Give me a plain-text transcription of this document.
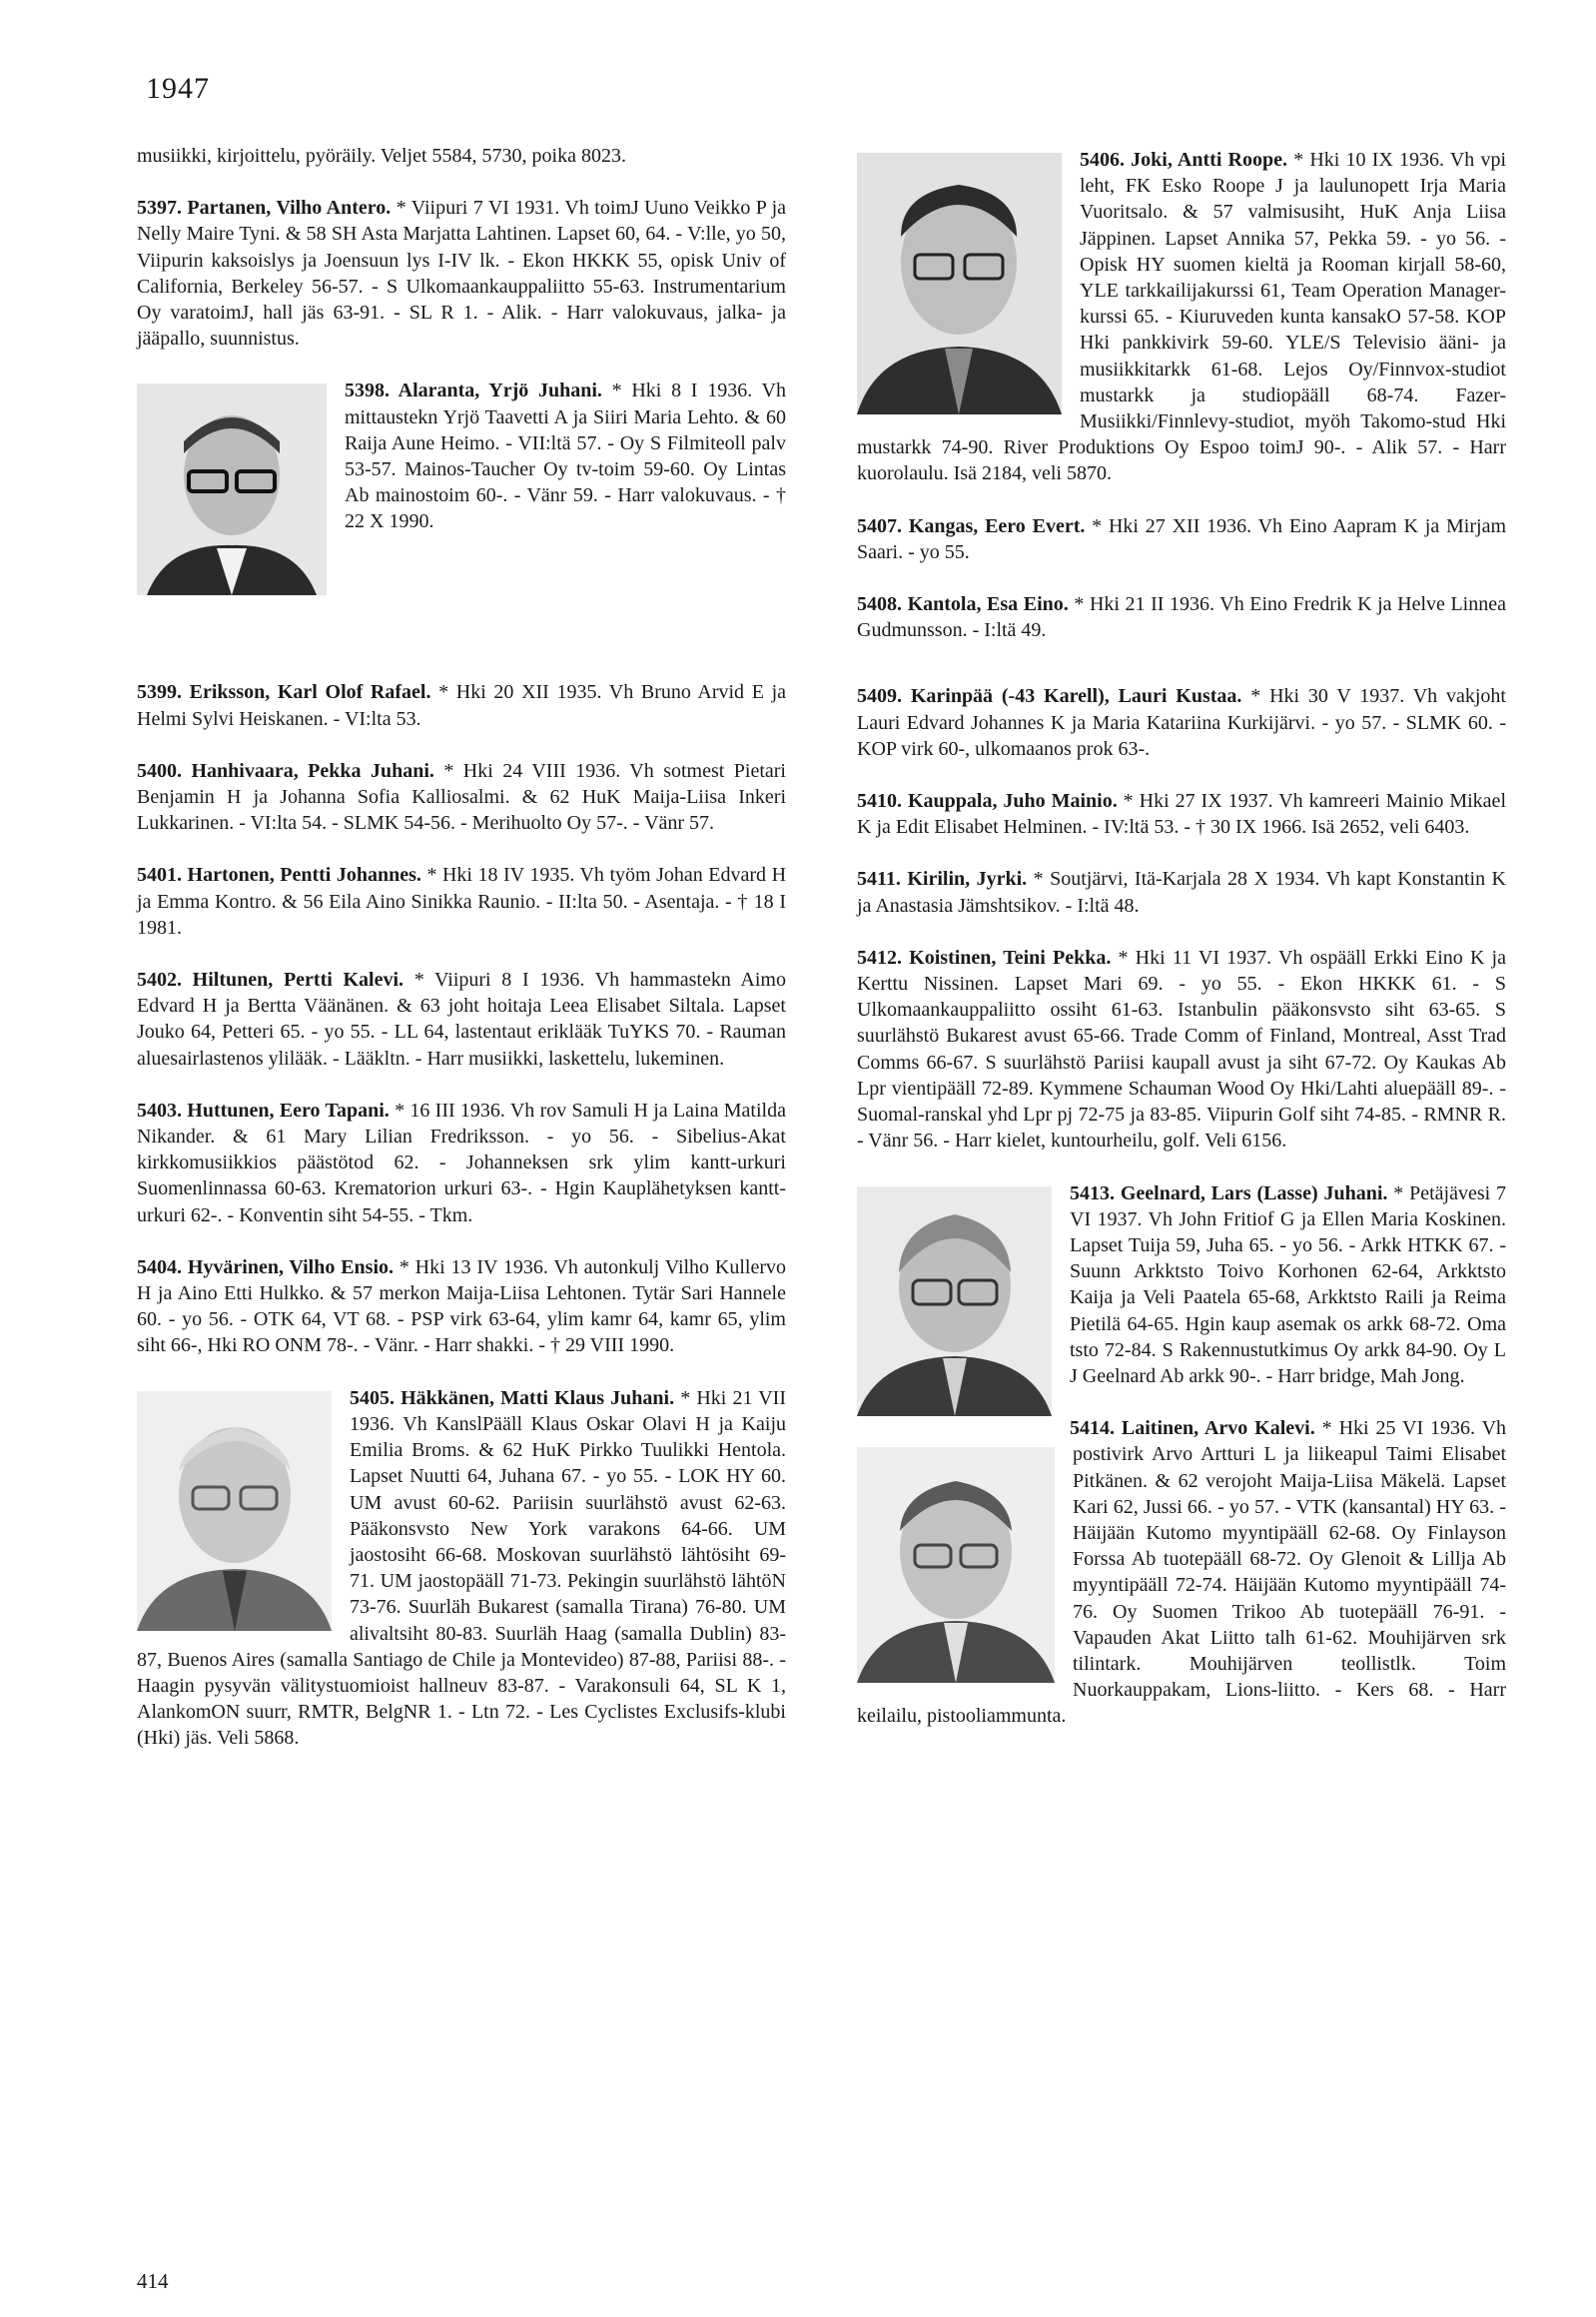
1947

musiikki, kirjoittelu, pyöräily. Veljet 5584, 5730, poika 8023.

5397. Partanen, Vilho Antero. * Viipuri 7 VI 1931. Vh toimJ Uuno Veikko P ja Nelly Maire Tyni. & 58 SH Asta Marjatta Lahtinen. Lapset 60, 64. - V:lle, yo 50, Viipurin kaksoislys ja Joensuun lys I-IV lk. - Ekon HKKK 55, opisk Univ of California, Berkeley 56-57. - S Ulkomaankauppaliitto 55-63. Instrumentarium Oy varatoimJ, hall jäs 63-91. - SL R 1. - Alik. - Harr valokuvaus, jalka- ja jääpallo, suunnistus.

5398. Alaranta, Yrjö Juhani.
* Hki 8 I 1936. Vh mittaustekn Yrjö Taavetti A ja Siiri Maria Lehto. & 60 Raija Aune Heimo. - VII:ltä 57. - Oy S Filmiteoll palv 53-57. Mainos-Taucher Oy tv-toim 59-60. Oy Lintas Ab mainostoim 60-. - Vänr 59. - Harr valokuvaus. - † 22 X 1990.

5399. Eriksson, Karl Olof Rafael. * Hki 20 XII 1935. Vh Bruno Arvid E ja Helmi Sylvi Heiskanen. - VI:lta 53.

5400. Hanhivaara, Pekka Juhani. * Hki 24 VIII 1936. Vh sotmest Pietari Benjamin H ja Johanna Sofia Kalliosalmi. & 62 HuK Maija-Liisa Inkeri Lukkarinen. - VI:lta 54. - SLMK 54-56. - Merihuolto Oy 57-. - Vänr 57.

5401. Hartonen, Pentti Johannes. * Hki 18 IV 1935. Vh työm Johan Edvard H ja Emma Kontro. & 56 Eila Aino Sinikka Raunio. - II:lta 50. - Asentaja. - † 18 I 1981.

5402. Hiltunen, Pertti Kalevi. * Viipuri 8 I 1936. Vh hammastekn Aimo Edvard H ja Bertta Väänänen. & 63 joht hoitaja Leea Elisabet Siltala. Lapset Jouko 64, Petteri 65. - yo 55. - LL 64, lastentaut eriklääk TuYKS 70. - Rauman aluesairlastenos ylilääk. - Lääkltn. - Harr musiikki, laskettelu, lukeminen.

5403. Huttunen, Eero Tapani. * 16 III 1936. Vh rov Samuli H ja Laina Matilda Nikander. & 61 Mary Lilian Fredriksson. - yo 56. - Sibelius-Akat kirkkomusiikkios päästötod 62. - Johanneksen srk ylim kantt-urkuri Suomenlinnassa 60-63. Krematorion urkuri 63-. - Hgin Kauplähetyksen kantt-urkuri 62-. - Konventin siht 54-55. - Tkm.

5404. Hyvärinen, Vilho Ensio. * Hki 13 IV 1936. Vh autonkulj Vilho Kullervo H ja Aino Etti Hulkko. & 57 merkon Maija-Liisa Lehtonen. Tytär Sari Hannele 60. - yo 56. - OTK 64, VT 68. - PSP virk 63-64, ylim kamr 64, kamr 65, ylim siht 66-, Hki RO ONM 78-. - Vänr. - Harr shakki. - † 29 VIII 1990.

5405. Häkkänen, Matti Klaus Juhani.
* Hki 21 VII 1936. Vh KanslPääll Klaus Oskar Olavi H ja Kaiju Emilia Broms. & 62 HuK Pirkko Tuulikki Hentola. Lapset Nuutti 64, Juhana 67. - yo 55. - LOK HY 60. UM avust 60-62. Pariisin suurlähstö avust 62-63. Pääkonsvsto New York varakons 64-66. UM jaostosiht 66-68. Moskovan suurlähstö lähtösiht 69-71. UM jaostopääll 71-73. Pekingin suurlähstö lähtöN 73-76. Suurläh Bukarest (samalla Tirana) 76-80. UM alivaltsiht 80-83. Suurläh Haag (samalla Dublin) 83-87, Buenos Aires (samalla Santiago de Chile ja Montevideo) 87-88, Pariisi 88-. - Haagin pysyvän välitystuomioist hallneuv 83-87. - Varakonsuli 64, SL K 1, AlankomON suurr, RMTR, BelgNR 1. - Ltn 72. - Les Cyclistes Exclusifs-klubi (Hki) jäs. Veli 5868.
5406. Joki, Antti Roope.
* Hki 10 IX 1936. Vh vpi leht, FK Esko Roope J ja laulunopett Irja Maria Vuoritsalo. & 57 valmisusiht, HuK Anja Liisa Jäppinen. Lapset Annika 57, Pekka 59. - yo 56. - Opisk HY suomen kieltä ja Rooman kirjall 58-60, YLE tarkkailijakurssi 61, Team Operation Manager-kurssi 65. - Kiuruveden kunta kansakO 57-58. KOP Hki pankkivirk 59-60. YLE/S Televisio ääni- ja musiikkitarkk 61-68. Lejos Oy/Finnvox-studiot mustarkk ja studiopääll 68-74. Fazer-Musiikki/Finnlevy-studiot, myöh Takomo-stud Hki mustarkk 74-90. River Produktions Oy Espoo toimJ 90-. - Alik 57. - Harr kuorolaulu. Isä 2184, veli 5870.

5407. Kangas, Eero Evert. * Hki 27 XII 1936. Vh Eino Aapram K ja Mirjam Saari. - yo 55.

5408. Kantola, Esa Eino. * Hki 21 II 1936. Vh Eino Fredrik K ja Helve Linnea Gudmunsson. - I:ltä 49.

5409. Karinpää (-43 Karell), Lauri Kustaa. * Hki 30 V 1937. Vh vakjoht Lauri Edvard Johannes K ja Maria Katariina Kurkijärvi. - yo 57. - SLMK 60. - KOP virk 60-, ulkomaanos prok 63-.

5410. Kauppala, Juho Mainio. * Hki 27 IX 1937. Vh kamreeri Mainio Mikael K ja Edit Elisabet Helminen. - IV:ltä 53. - † 30 IX 1966. Isä 2652, veli 6403.

5411. Kirilin, Jyrki. * Soutjärvi, Itä-Karjala 28 X 1934. Vh kapt Konstantin K ja Anastasia Jämshtsikov. - I:ltä 48.

5412. Koistinen, Teini Pekka. * Hki 11 VI 1937. Vh ospääll Erkki Eino K ja Kerttu Nissinen. Lapset Mari 69. - yo 55. - Ekon HKKK 61. - S Ulkomaankauppaliitto ossiht 61-63. Istanbulin pääkonsvsto siht 63-65. S suurlähstö Bukarest avust 65-66. Trade Comm of Finland, Montreal, Asst Trad Comms 66-67. S suurlähstö Pariisi kaupall avust ja siht 67-72. Oy Kaukas Ab Lpr vientipääll 72-89. Kymmene Schauman Wood Oy Hki/Lahti aluepääll 89-. - Suomal-ranskal yhd Lpr pj 72-75 ja 83-85. Viipurin Golf siht 74-85. - RMNR R. - Vänr 56. - Harr kielet, kuntourheilu, golf. Veli 6156.

5413. Geelnard, Lars (Lasse) Juhani.
* Petäjävesi 7 VI 1937. Vh John Fritiof G ja Ellen Maria Koskinen. Lapset Tuija 59, Juha 65. - yo 56. - Arkk HTKK 67. - Suunn Arkktsto Toivo Korhonen 62-64, Arkktsto Kaija ja Veli Paatela 65-68, Arkktsto Raili ja Reima Pietilä 64-65. Hgin kaup asemak os arkk 68-72. Oma tsto 72-84. S Rakennustutkimus Oy arkk 84-90. Oy L J Geelnard Ab arkk 90-. - Harr bridge, Mah Jong.
5414. Laitinen, Arvo Kalevi.
* Hki 25 VI 1936. Vh postivirk Arvo Artturi L ja liikeapul Taimi Elisabet Pitkänen. & 62 verojoht Maija-Liisa Mäkelä. Lapset Kari 62, Jussi 66. - yo 57. - VTK (kansantal) HY 63. - Häijään Kutomo myyntipääll 62-68. Oy Finlayson Forssa Ab tuotepääll 68-72. Oy Glenoit & Lillja Ab myyntipääll 72-74. Häijään Kutomo myyntipääll 74-76. Oy Suomen Trikoo Ab tuotepääll 76-91. - Vapauden Akat Liitto talh 61-62. Mouhijärven srk tilintark. Mouhijärven teollistlk. Toim Nuorkauppakam, Lions-liitto. - Kers 68. - Harr keilailu, pistooliammunta.
414
